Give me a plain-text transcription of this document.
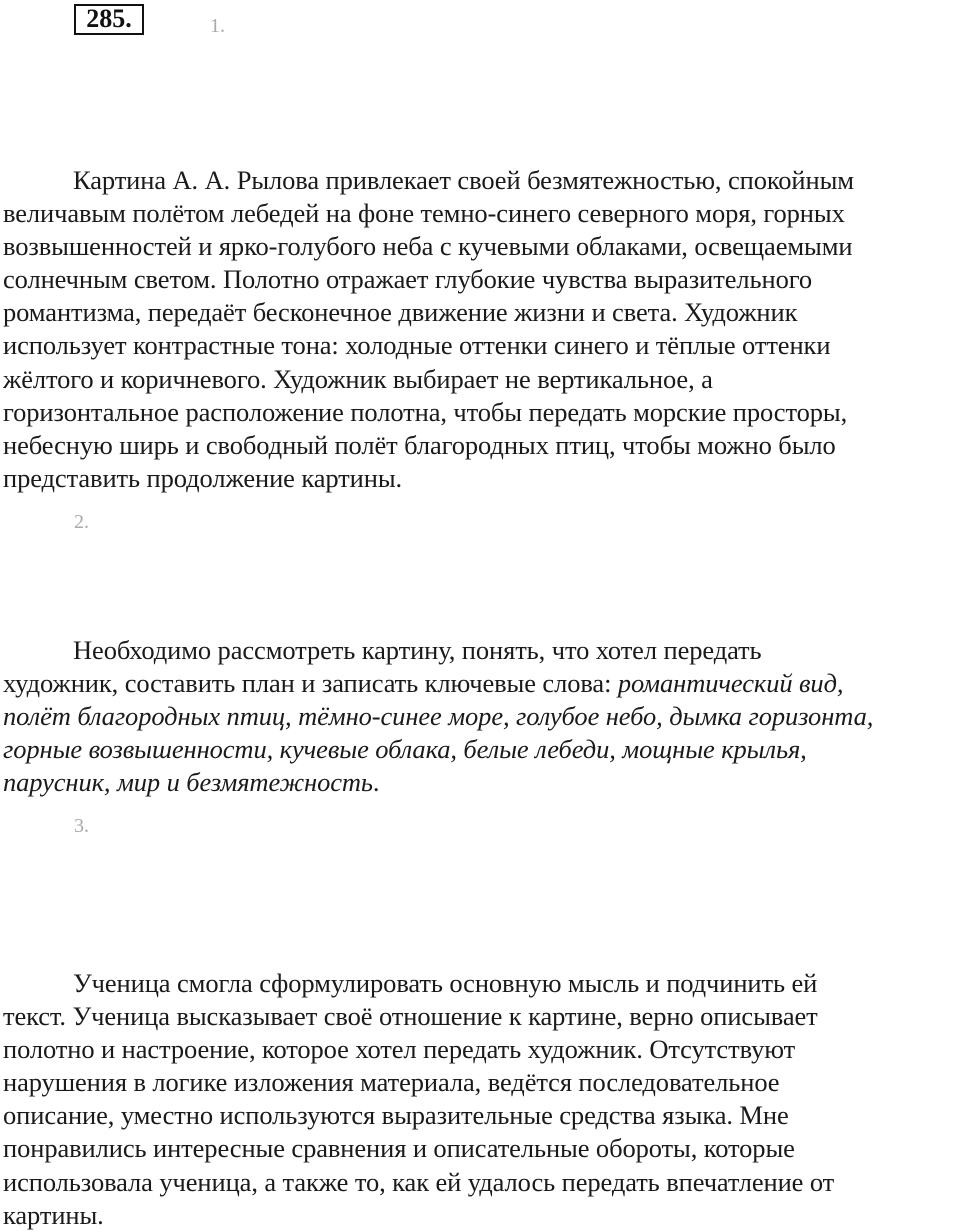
285.	1.

Картина А. А. Рылова привлекает своей безмятежностью, спокойным
величавым полётом лебедей на фоне темно-синего северного моря, горных
возвышенностей и ярко-голубого неба с кучевыми облаками, освещаемыми
солнечным светом. Полотно отражает глубокие чувства выразительного
романтизма, передаёт бесконечное движение жизни и света. Художник
использует контрастные тона: холодные оттенки синего и тёплые оттенки
жёлтого и коричневого. Художник выбирает не вертикальное, а
горизонтальное расположение полотна, чтобы передать морские просторы,
небесную ширь и свободный полёт благородных птиц, чтобы можно было
представить продолжение картины.

2.

Необходимо рассмотреть картину, понять, что хотел передать
художник, составить план и записать ключевые слова: романтический вид,
полёт благородных птиц, тёмно-синее море, голубое небо, дымка горизонта,
горные возвышенности, кучевые облака, белые лебеди, мощные крылья,
парусник, мир и безмятежность.

3.

Ученица смогла сформулировать основную мысль и подчинить ей
текст. Ученица высказывает своё отношение к картине, верно описывает
полотно и настроение, которое хотел передать художник. Отсутствуют
нарушения в логике изложения материала, ведётся последовательное
описание, уместно используются выразительные средства языка. Мне
понравились интересные сравнения и описательные обороты, которые
использовала ученица, а также то, как ей удалось передать впечатление от
картины.
